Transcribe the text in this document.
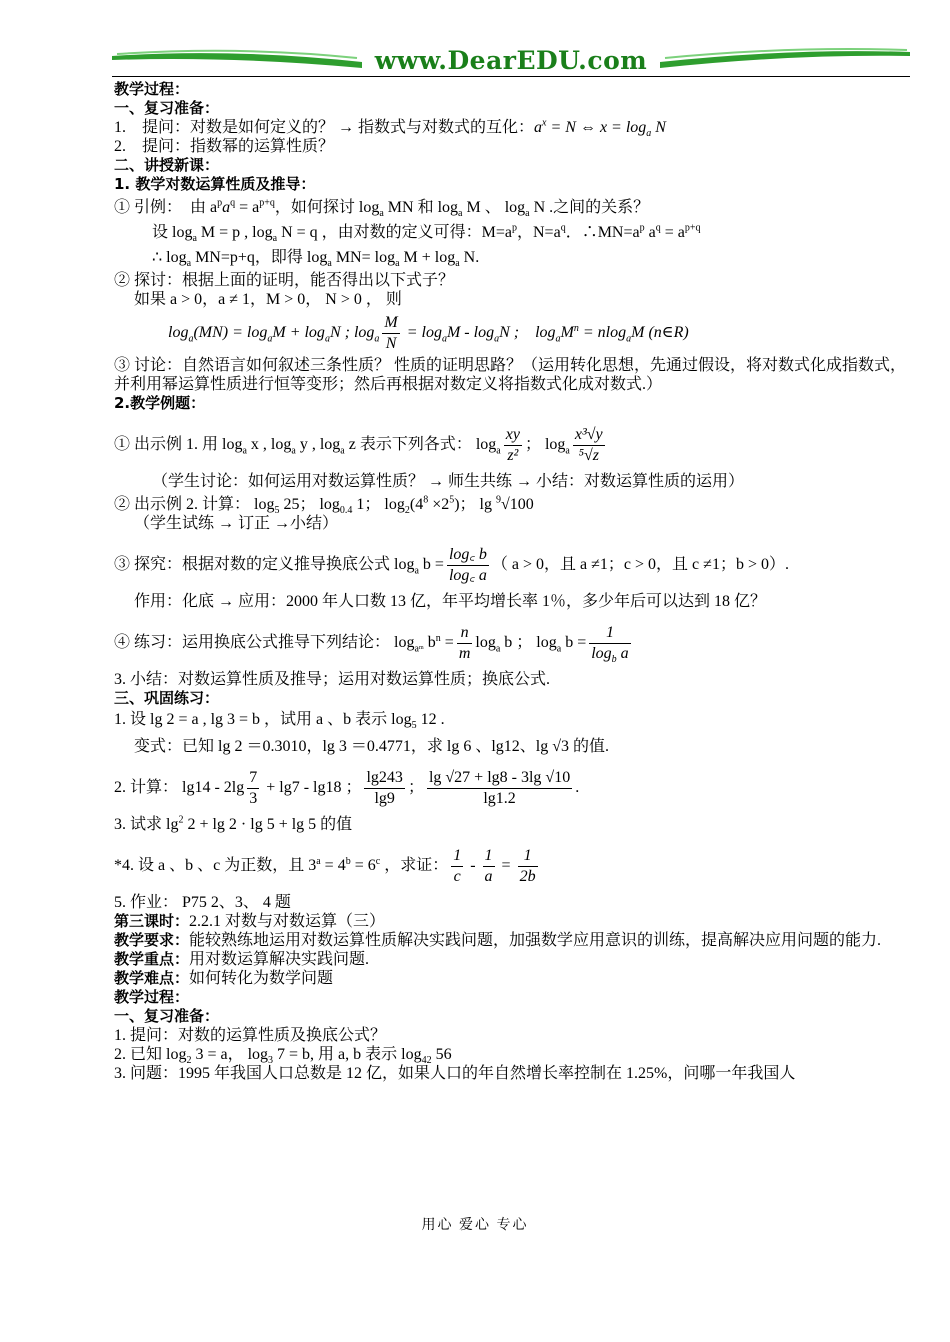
www.DearEDU.com
教学过程：
一、复习准备：
1.　提问：对数是如何定义的？ → 指数式与对数式的互化：$a^x = N$ ⇔ $x = \log_a N$
2.　提问：指数幂的运算性质？
二、讲授新课：
1. 教学对数运算性质及推导：
① 引例：　由 $a^pa^q = a^{p+q}$，如何探讨 $\log_a$ MN 和 $\log_a M$ 、 $\log_a N$ .之间的关系？
设 $\log_a M = p$ , $\log_a N = q$ ，由对数的定义可得：$M=a^p$，$N=a^q$．$\therefore MN=a^p$ $a^q = a^{p+q}$
∴ $\log_a MN=p+q$，即得 $\log_a MN= \log_a M + \log_a N$.
② 探讨：根据上面的证明，能否得出以下式子？
如果 a > 0，a ≠ 1，M > 0， N > 0 ， 则
$\log_a(MN) = \log_aM + \log_aN$ ; $\log_a \frac{M}{N} = \log_aM - \log_aN$ ;　$\log_aM^n = nlog_aM$ (n∈R)
③ 讨论：自然语言如何叙述三条性质？ 性质的证明思路？（运用转化思想，先通过假设，将对数式化成指数式，并利用幂运算性质进行恒等变形；然后再根据对数定义将指数式化成对数式.）
2.教学例题：
① 出示例 1. 用 $\log_a x$ , $\log_a y$ , $\log_a z$ 表示下列各式： $\log_a \frac{xy}{\text{z²}}$ ； $\log_a \frac{\text{x³√y}}{\text{⁵√z}}$
（学生讨论：如何运用对数运算性质？ → 师生共练 → 小结：对数运算性质的运用）
② 出示例 2. 计算： $\log_5 25$； $\log_{0.4} 1$； $\log_2(4^8 \times 2^5)$； lg $^9$√100
（学生试练 → 订正 →小结）
③ 探究：根据对数的定义推导换底公式 $\log_a b = \frac{\log꜀ b}{\log꜀ a}$ （ a > 0，且 a ≠1；c > 0，且 c ≠1；b > 0）.
作用：化底 → 应用：2000 年人口数 13 亿，年平均增长率 1％，多少年后可以达到 18 亿？
④ 练习：运用换底公式推导下列结论： $\log_{aᵐ} b^n = \frac{n}{m} \log_a b$ ； $\log_a b = \frac{1}{\log_b a}$
3. 小结：对数运算性质及推导；运用对数运算性质；换底公式.
三、巩固练习：
1. 设 lg 2 = a , lg 3 = b ，试用 a 、b 表示 $\log_5 12$ .
变式：已知 lg 2 ＝0.3010，lg 3 ＝0.4771，求 lg 6 、lg12、lg √3 的值.
2. 计算： $\lg 14 - 2\lg \frac{7}{3} + \lg 7 - \lg 18$ ； $\frac{\lg 243}{\lg 9}$ ； $\frac{\lg √27 + \lg 8 - 3\lg √10}{\lg 1.2}$ .
3. 试求 $\lg^2 2 + \lg 2 \cdot \lg 5 + \lg 5$ 的值
*4. 设 a 、b 、c 为正数，且 $3^a = 4^b = 6^c$ ，求证： $\frac{1}{c} - \frac{1}{a} = \frac{1}{2b}$
5. 作业： P75 2、3、 4 题
第三课时：2.2.1 对数与对数运算（三）
教学要求：能较熟练地运用对数运算性质解决实践问题，加强数学应用意识的训练，提高解决应用问题的能力.
教学重点：用对数运算解决实践问题.
教学难点：如何转化为数学问题
教学过程：
一、复习准备：
1. 提问：对数的运算性质及换底公式？
2. 已知 $\log_2 3 = a$， $\log_3 7 = b$, 用 a, b 表示 $\log_{42} 56$
3. 问题：1995 年我国人口总数是 12 亿，如果人口的年自然增长率控制在 1.25%，问哪一年我国人
用心 爱心 专心
